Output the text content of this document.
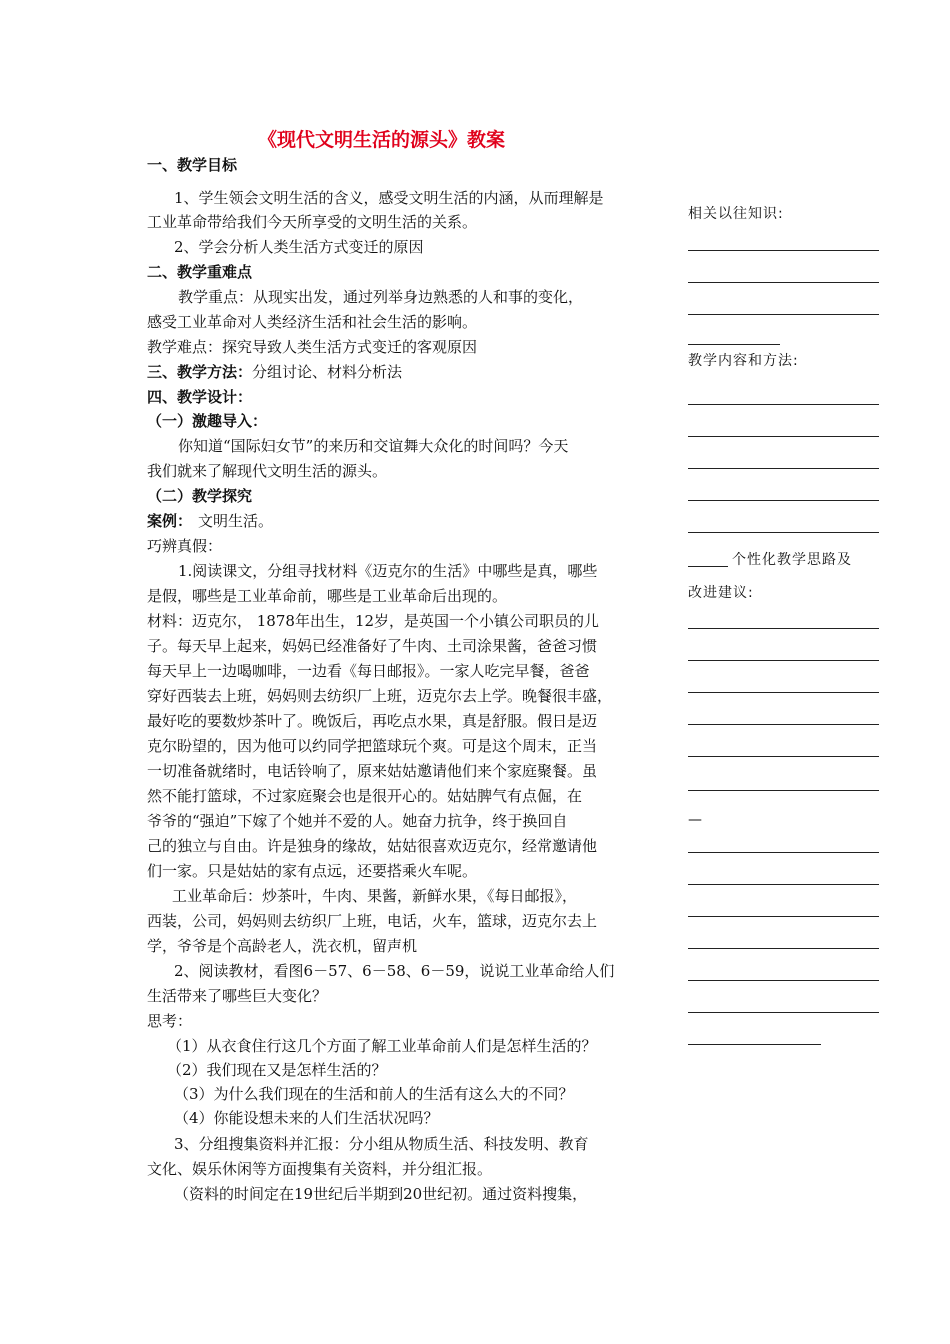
《现代文明生活的源头》教案
一、教学目标
1、学生领会文明生活的含义，感受文明生活的内涵，从而理解是
工业革命带给我们今天所享受的文明生活的关系。
2、学会分析人类生活方式变迁的原因
二、教学重难点
教学重点：从现实出发，通过列举身边熟悉的人和事的变化，
感受工业革命对人类经济生活和社会生活的影响。
教学难点：探究导致人类生活方式变迁的客观原因
三、教学方法：分组讨论、材料分析法
四、教学设计：
（一）激趣导入：
你知道“国际妇女节”的来历和交谊舞大众化的时间吗？今天
我们就来了解现代文明生活的源头。
（二）教学探究
案例： 文明生活。
巧辨真假：
1.阅读课文，分组寻找材料《迈克尔的生活》中哪些是真，哪些
是假，哪些是工业革命前，哪些是工业革命后出现的。
材料：迈克尔， 1878年出生，12岁，是英国一个小镇公司职员的儿
子。每天早上起来，妈妈已经准备好了牛肉、土司涂果酱，爸爸习惯
每天早上一边喝咖啡，一边看《每日邮报》。一家人吃完早餐，爸爸
穿好西装去上班，妈妈则去纺织厂上班，迈克尔去上学。晚餐很丰盛，
最好吃的要数炒茶叶了。晚饭后，再吃点水果，真是舒服。假日是迈
克尔盼望的，因为他可以约同学把篮球玩个爽。可是这个周末，正当
一切准备就绪时，电话铃响了，原来姑姑邀请他们来个家庭聚餐。虽
然不能打篮球，不过家庭聚会也是很开心的。姑姑脾气有点倔，在
爷爷的“强迫”下嫁了个她并不爱的人。她奋力抗争，终于换回自
己的独立与自由。许是独身的缘故，姑姑很喜欢迈克尔，经常邀请他
们一家。只是姑姑的家有点远，还要搭乘火车呢。
工业革命后：炒茶叶，牛肉、果酱，新鲜水果，《每日邮报》，
西装，公司，妈妈则去纺织厂上班，电话，火车，篮球，迈克尔去上
学，爷爷是个高龄老人，洗衣机，留声机
2、阅读教材，看图6－57、6－58、6－59，说说工业革命给人们
生活带来了哪些巨大变化？
思考：
（1）从衣食住行这几个方面了解工业革命前人们是怎样生活的？
（2）我们现在又是怎样生活的？
（3）为什么我们现在的生活和前人的生活有这么大的不同？
（4）你能设想未来的人们生活状况吗？
3、分组搜集资料并汇报：分小组从物质生活、科技发明、教育
文化、娱乐休闲等方面搜集有关资料，并分组汇报。
（资料的时间定在19世纪后半期到20世纪初。通过资料搜集，
相关以往知识:
教学内容和方法:
个性化教学思路及
改进建议:
—
